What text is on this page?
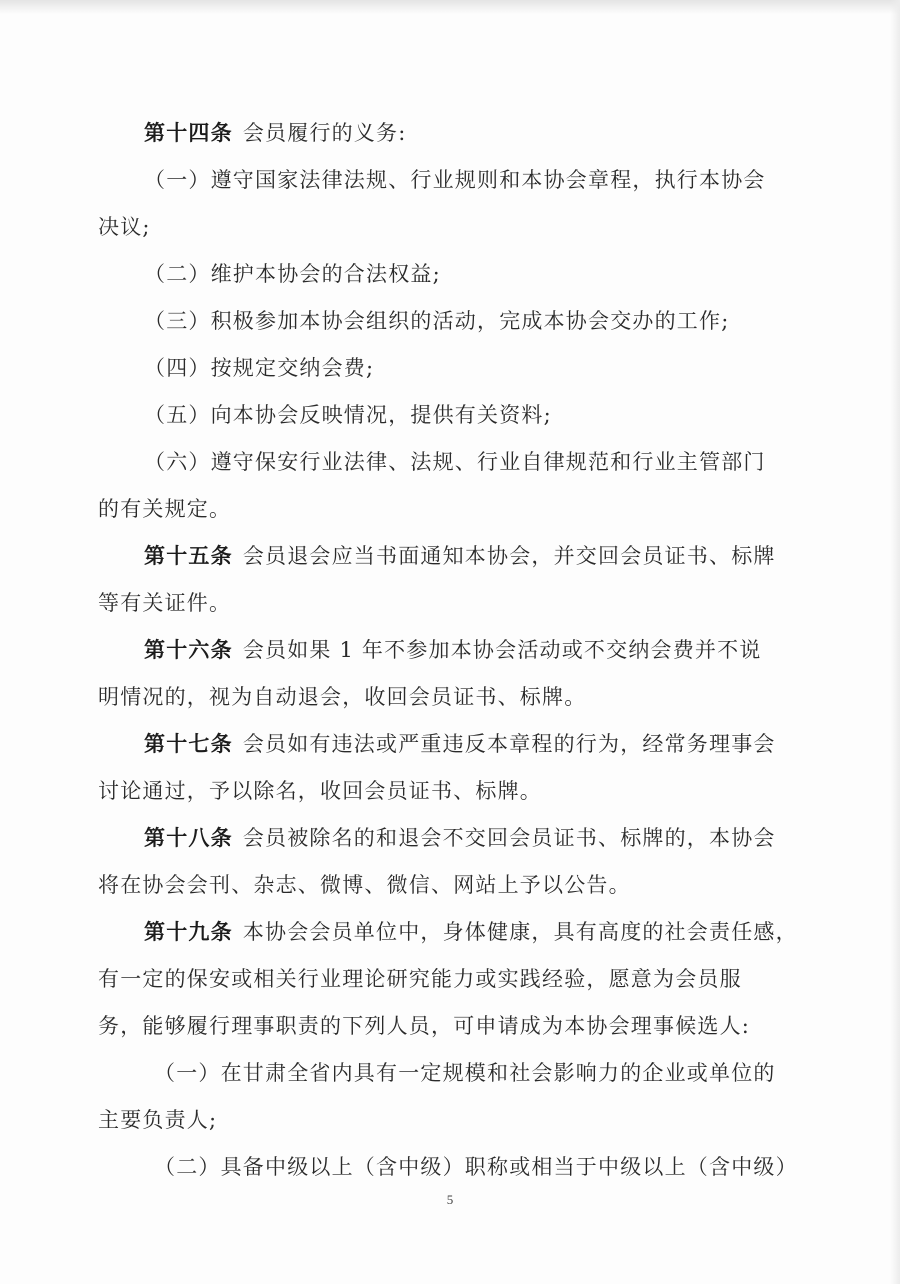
第十四条 会员履行的义务:
（一）遵守国家法律法规、行业规则和本协会章程，执行本协会
决议;
（二）维护本协会的合法权益;
（三）积极参加本协会组织的活动，完成本协会交办的工作;
（四）按规定交纳会费;
（五）向本协会反映情况，提供有关资料;
（六）遵守保安行业法律、法规、行业自律规范和行业主管部门
的有关规定。
第十五条 会员退会应当书面通知本协会，并交回会员证书、标牌
等有关证件。
第十六条 会员如果 1 年不参加本协会活动或不交纳会费并不说
明情况的，视为自动退会，收回会员证书、标牌。
第十七条 会员如有违法或严重违反本章程的行为，经常务理事会
讨论通过，予以除名，收回会员证书、标牌。
第十八条 会员被除名的和退会不交回会员证书、标牌的，本协会
将在协会会刊、杂志、微博、微信、网站上予以公告。
第十九条 本协会会员单位中，身体健康，具有高度的社会责任感，
有一定的保安或相关行业理论研究能力或实践经验，愿意为会员服
务，能够履行理事职责的下列人员，可申请成为本协会理事候选人:
（一）在甘肃全省内具有一定规模和社会影响力的企业或单位的
主要负责人;
（二）具备中级以上（含中级）职称或相当于中级以上（含中级）
5
